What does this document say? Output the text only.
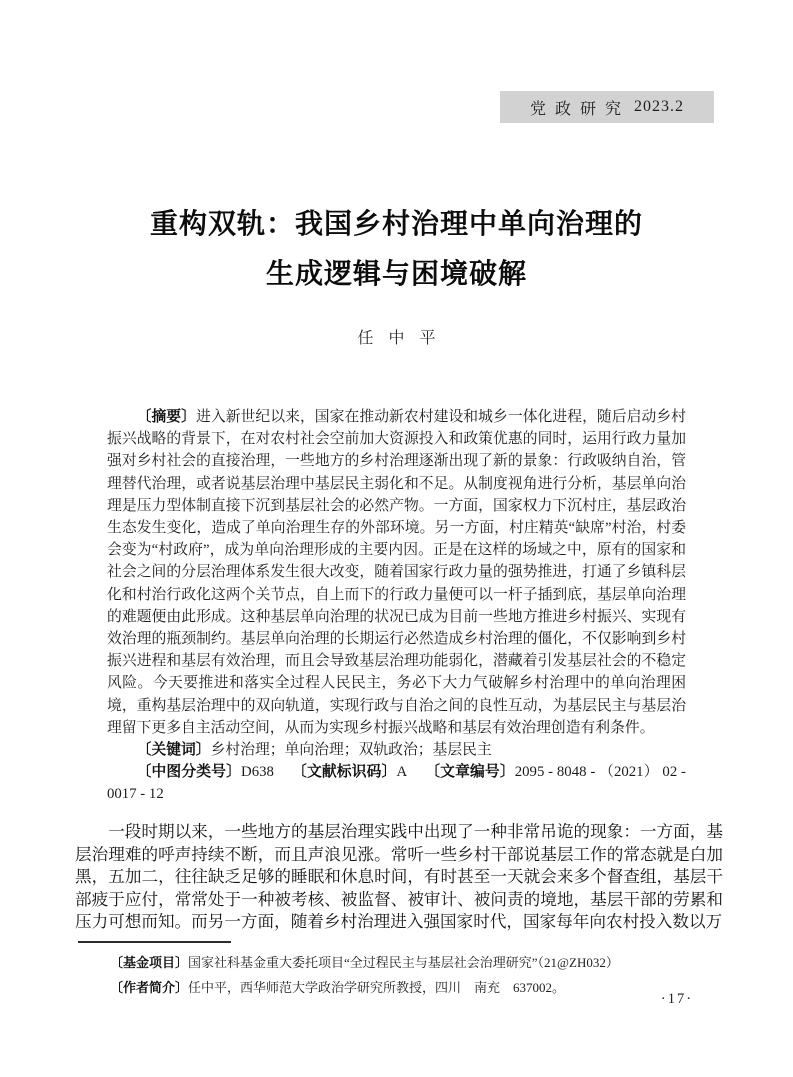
党政研究 2023.2
重构双轨：我国乡村治理中单向治理的
生成逻辑与困境破解
任中平

〔摘要〕进入新世纪以来，国家在推动新农村建设和城乡一体化进程，随后启动乡村振兴战略的背景下，在对农村社会空前加大资源投入和政策优惠的同时，运用行政力量加强对乡村社会的直接治理，一些地方的乡村治理逐渐出现了新的景象：行政吸纳自治，管理替代治理，或者说基层治理中基层民主弱化和不足。从制度视角进行分析，基层单向治理是压力型体制直接下沉到基层社会的必然产物。一方面，国家权力下沉村庄，基层政治生态发生变化，造成了单向治理生存的外部环境。另一方面，村庄精英“缺席”村治，村委会变为“村政府”，成为单向治理形成的主要内因。正是在这样的场域之中，原有的国家和社会之间的分层治理体系发生很大改变，随着国家行政力量的强势推进，打通了乡镇科层化和村治行政化这两个关节点，自上而下的行政力量便可以一杆子插到底，基层单向治理的难题便由此形成。这种基层单向治理的状况已成为目前一些地方推进乡村振兴、实现有效治理的瓶颈制约。基层单向治理的长期运行必然造成乡村治理的僵化，不仅影响到乡村振兴进程和基层有效治理，而且会导致基层治理功能弱化，潜藏着引发基层社会的不稳定风险。今天要推进和落实全过程人民民主，务必下大力气破解乡村治理中的单向治理困境，重构基层治理中的双向轨道，实现行政与自治之间的良性互动，为基层民主与基层治理留下更多自主活动空间，从而为实现乡村振兴战略和基层有效治理创造有利条件。

〔关键词〕乡村治理；单向治理；双轨政治；基层民主

〔中图分类号〕D638 〔文献标识码〕A 〔文章编号〕2095 - 8048 - （2021） 02 - 0017 - 12

一段时期以来，一些地方的基层治理实践中出现了一种非常吊诡的现象：一方面，基层治理难的呼声持续不断，而且声浪见涨。常听一些乡村干部说基层工作的常态就是白加黑，五加二，往往缺乏足够的睡眠和休息时间，有时甚至一天就会来多个督查组，基层干部疲于应付，常常处于一种被考核、被监督、被审计、被问责的境地，基层干部的劳累和压力可想而知。而另一方面，随着乡村治理进入强国家时代，国家每年向农村投入数以万

〔基金项目〕国家社科基金重大委托项目“全过程民主与基层社会治理研究”（21@ZH032）

〔作者简介〕任中平，西华师范大学政治学研究所教授，四川　南充　637002。

·17·
